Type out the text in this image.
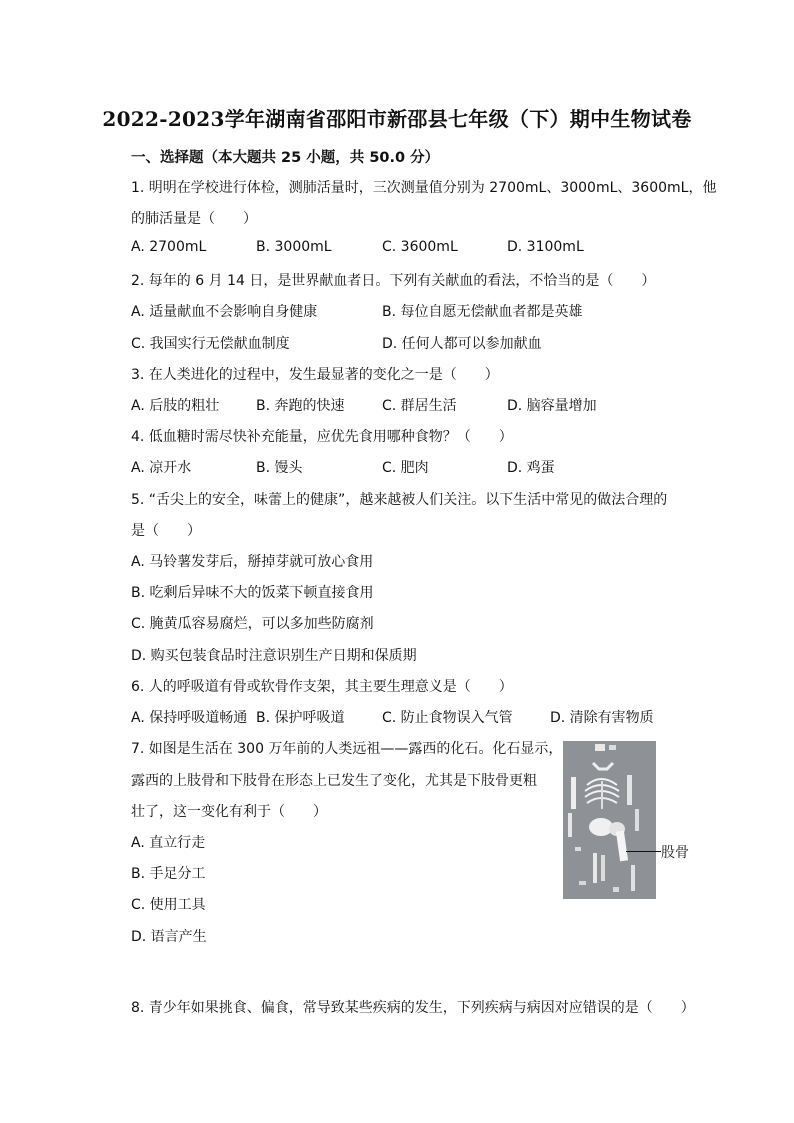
2022-2023学年湖南省邵阳市新邵县七年级（下）期中生物试卷
一、选择题（本大题共 25 小题，共 50.0 分）
1. 明明在学校进行体检，测肺活量时，三次测量值分别为 2700mL、3000mL、3600mL，他
的肺活量是（　　）
A. 2700mL	B. 3000mL	C. 3600mL	D. 3100mL
2. 每年的 6 月 14 日，是世界献血者日。下列有关献血的看法，不恰当的是（　　）
A. 适量献血不会影响自身健康	B. 每位自愿无偿献血者都是英雄
C. 我国实行无偿献血制度	D. 任何人都可以参加献血
3. 在人类进化的过程中，发生最显著的变化之一是（　　）
A. 后肢的粗壮	B. 奔跑的快速	C. 群居生活	D. 脑容量增加
4. 低血糖时需尽快补充能量，应优先食用哪种食物？（　　）
A. 凉开水	B. 馒头	C. 肥肉	D. 鸡蛋
5. “舌尖上的安全，味蕾上的健康”，越来越被人们关注。以下生活中常见的做法合理的
是（　　）
A. 马铃薯发芽后，掰掉芽就可放心食用
B. 吃剩后异味不大的饭菜下顿直接食用
C. 腌黄瓜容易腐烂，可以多加些防腐剂
D. 购买包装食品时注意识别生产日期和保质期
6. 人的呼吸道有骨或软骨作支架，其主要生理意义是（　　）
A. 保持呼吸道畅通 B. 保护呼吸道	C. 防止食物误入气管	D. 清除有害物质
7. 如图是生活在 300 万年前的人类远祖——露西的化石。化石显示，
露西的上肢骨和下肢骨在形态上已发生了变化，尤其是下肢骨更粗
壮了，这一变化有利于（　　）
A. 直立行走
B. 手足分工
C. 使用工具
D. 语言产生
股骨
8. 青少年如果挑食、偏食，常导致某些疾病的发生，下列疾病与病因对应错误的是（　　）
